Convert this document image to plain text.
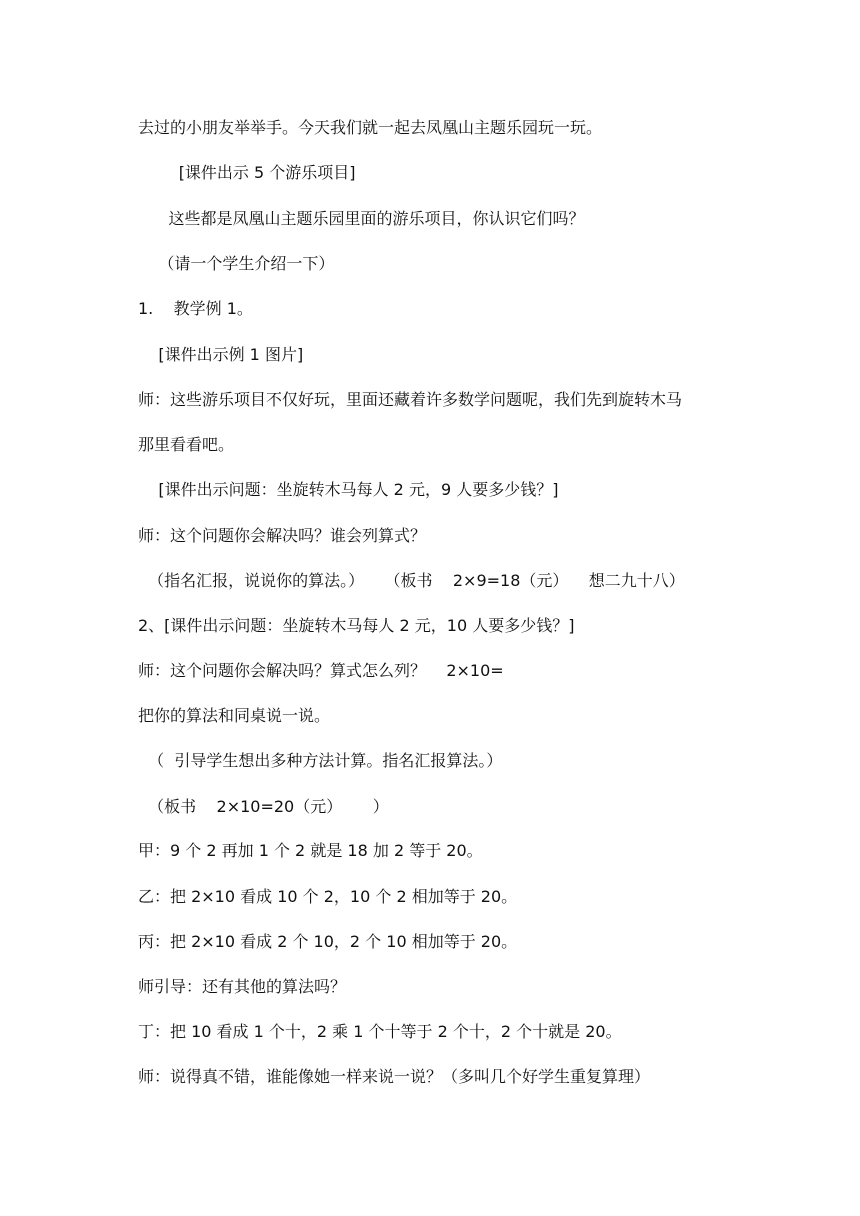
去过的小朋友举举手。今天我们就一起去凤凰山主题乐园玩一玩。
[课件出示 5 个游乐项目]
这些都是凤凰山主题乐园里面的游乐项目，你认识它们吗？
（请一个学生介绍一下）
1.    教学例 1。
[课件出示例 1 图片]
师：这些游乐项目不仅好玩，里面还藏着许多数学问题呢，我们先到旋转木马
那里看看吧。
[课件出示问题：坐旋转木马每人 2 元，9 人要多少钱？]
师：这个问题你会解决吗？谁会列算式？
（指名汇报，说说你的算法。）    （板书    2×9=18（元）    想二九十八）
2、[课件出示问题：坐旋转木马每人 2 元，10 人要多少钱？]
师：这个问题你会解决吗？算式怎么列？    2×10=
把你的算法和同桌说一说。
（  引导学生想出多种方法计算。指名汇报算法。）
（板书    2×10=20（元）      ）
甲：9 个 2 再加 1 个 2 就是 18 加 2 等于 20。
乙：把 2×10 看成 10 个 2，10 个 2 相加等于 20。
丙：把 2×10 看成 2 个 10，2 个 10 相加等于 20。
师引导：还有其他的算法吗？
丁：把 10 看成 1 个十，2 乘 1 个十等于 2 个十，2 个十就是 20。
师：说得真不错，谁能像她一样来说一说？（多叫几个好学生重复算理）
